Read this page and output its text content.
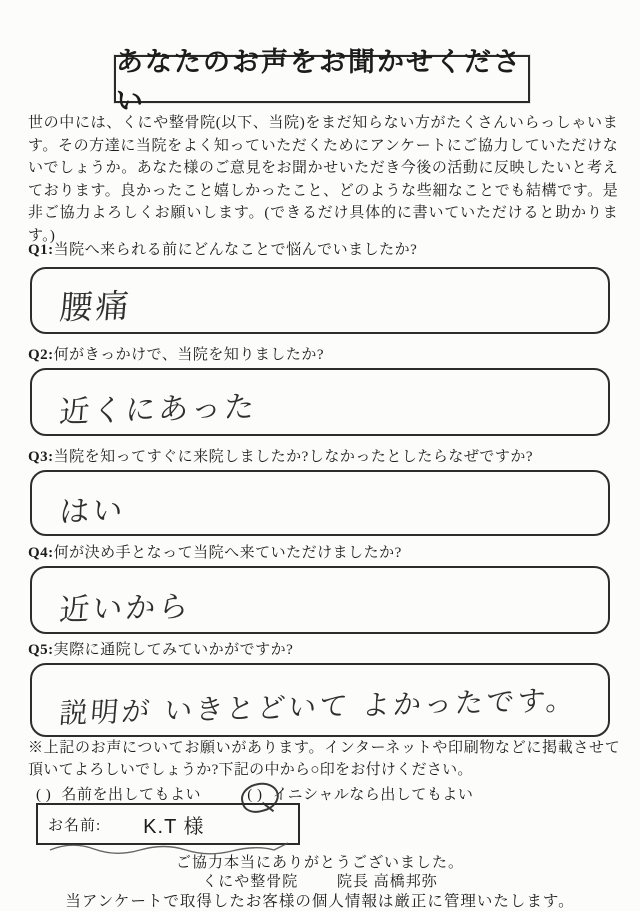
あなたのお声をお聞かせください

世の中には、くにや整骨院(以下、当院)をまだ知らない方がたくさんいらっしゃいます。その方達に当院をよく知っていただくためにアンケートにご協力していただけないでしょうか。あなた様のご意見をお聞かせいただき今後の活動に反映したいと考えております。良かったこと嬉しかったこと、どのような些細なことでも結構です。是非ご協力よろしくお願いします。(できるだけ具体的に書いていただけると助かります。)

Q1:当院へ来られる前にどんなことで悩んでいましたか?
腰痛
Q2:何がきっかけで、当院を知りましたか?
近くにあった
Q3:当院を知ってすぐに来院しましたか?しなかったとしたらなぜですか?
はい
Q4:何が決め手となって当院へ来ていただけましたか?
近いから
Q5:実際に通院してみていかがですか?
説明が いきとどいて よかったです。

※上記のお声についてお願いがあります。インターネットや印刷物などに掲載させて頂いてよろしいでしょうか?下記の中から○印をお付けください。

( ) 名前を出してもよい	( ) イニシャルなら出してもよい
お名前: K.T 様

ご協力本当にありがとうございました。

くにや整骨院	院長 高橋邦弥

当アンケートで取得したお客様の個人情報は厳正に管理いたします。
